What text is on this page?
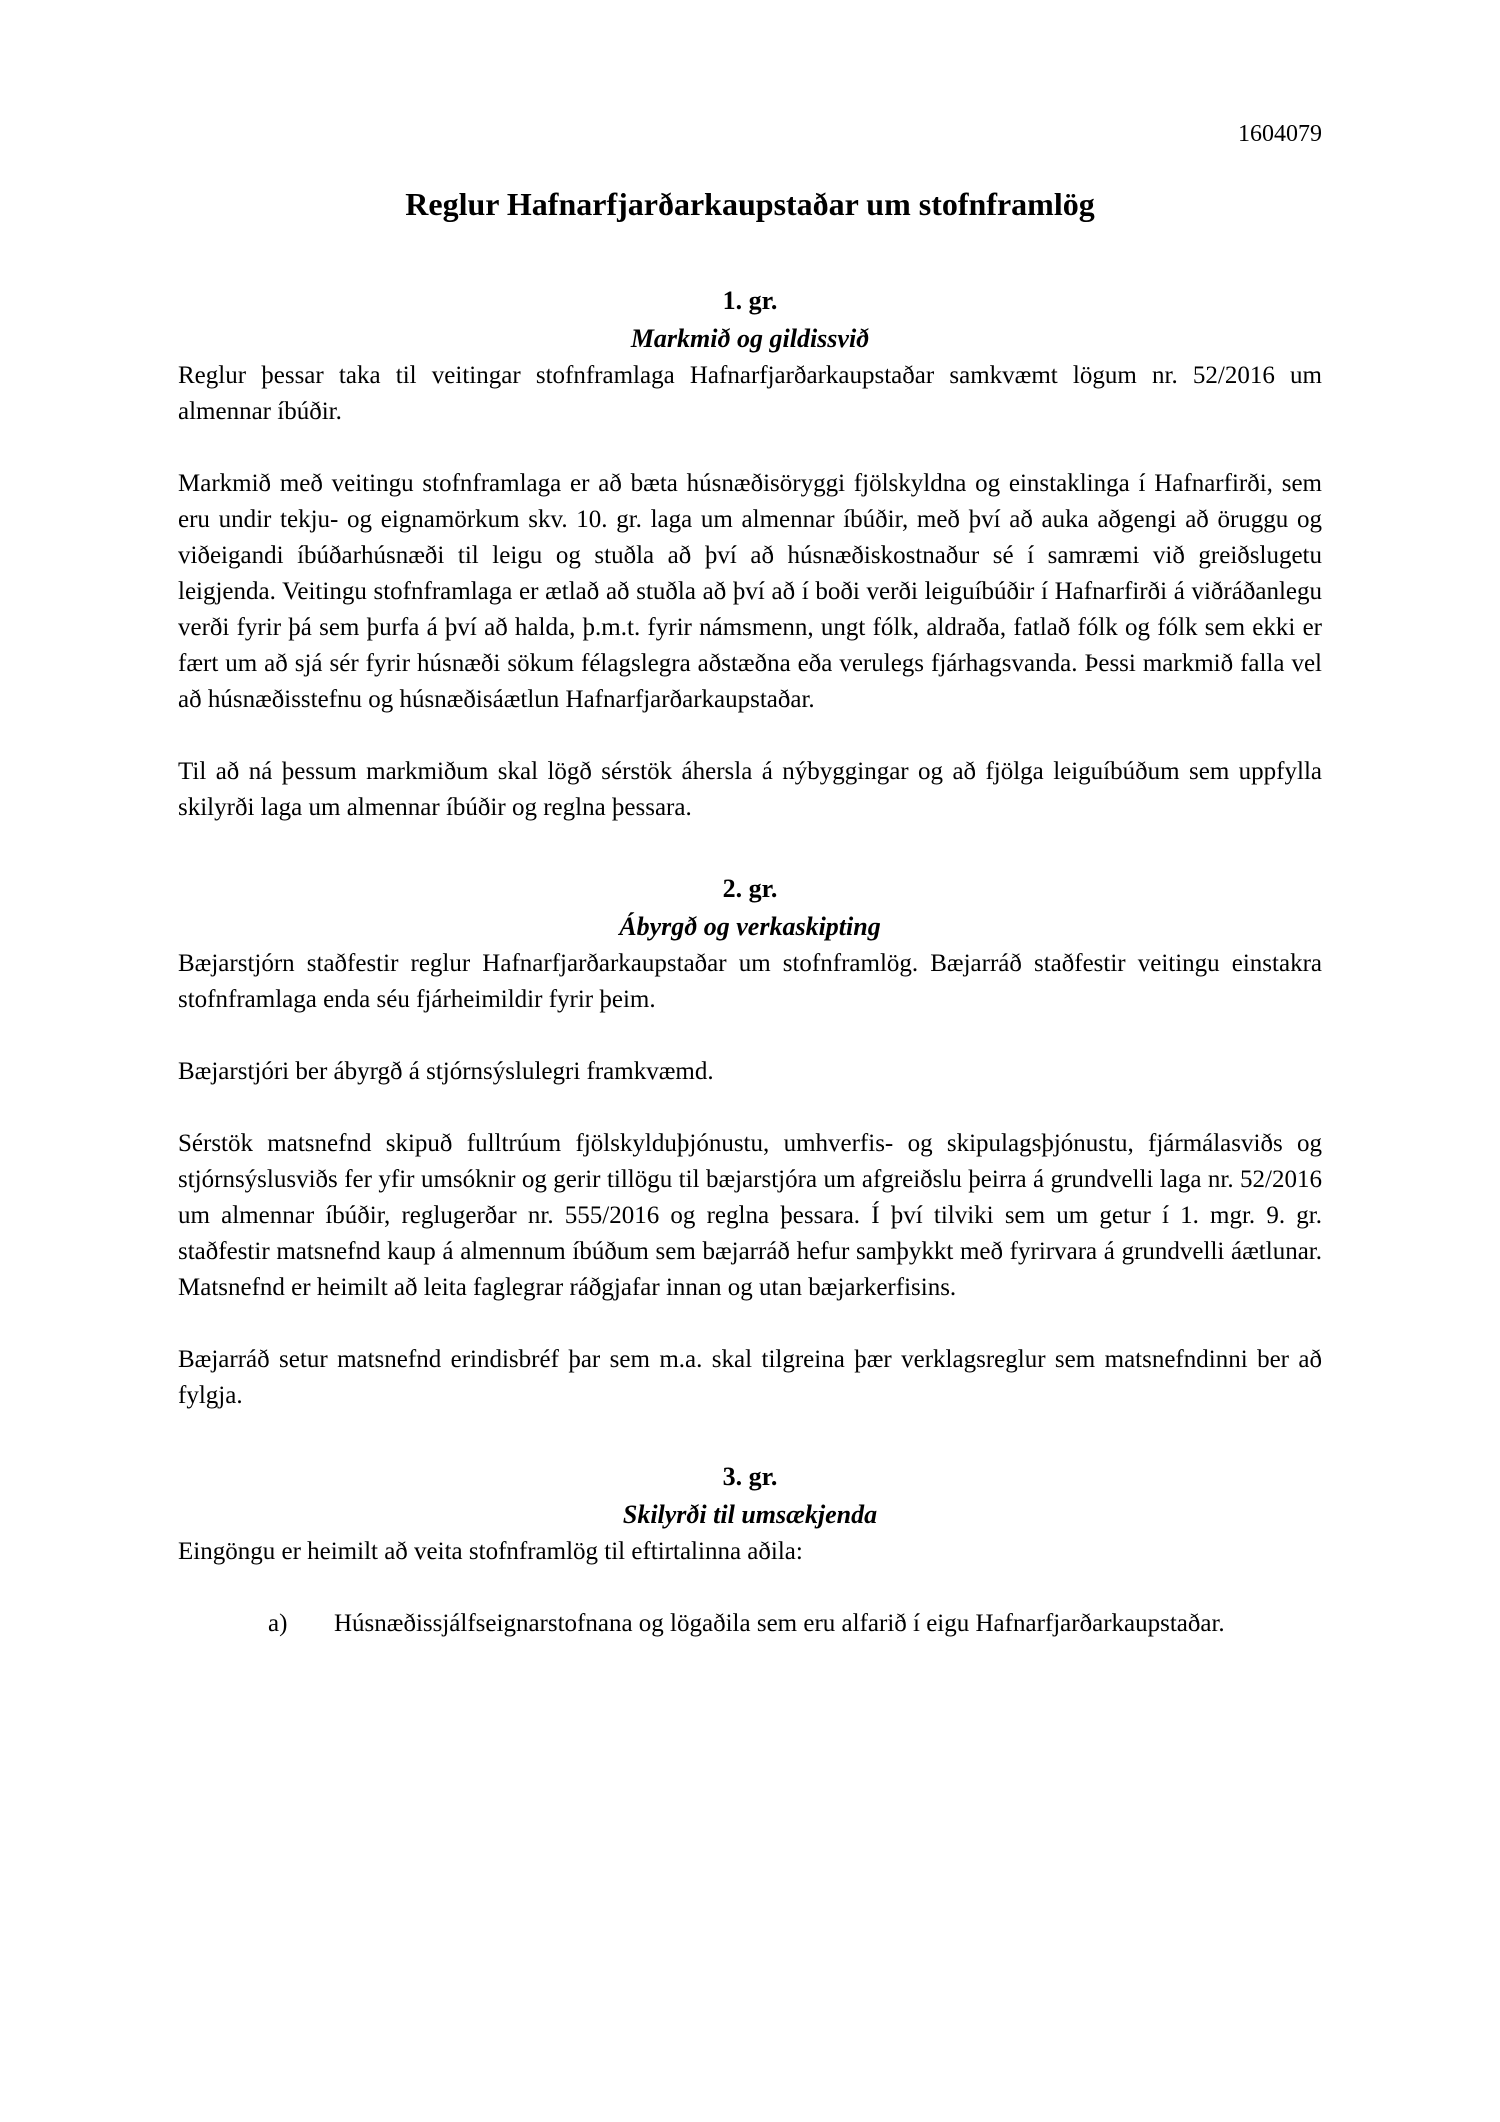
1604079
Reglur Hafnarfjarðarkaupstaðar um stofnframlög
1. gr.
Markmið og gildissvið

Reglur þessar taka til veitingar stofnframlaga Hafnarfjarðarkaupstaðar samkvæmt lögum nr. 52/2016 um almennar íbúðir.

Markmið með veitingu stofnframlaga er að bæta húsnæðisöryggi fjölskyldna og einstaklinga í Hafnarfirði, sem eru undir tekju- og eignamörkum skv. 10. gr. laga um almennar íbúðir, með því að auka aðgengi að öruggu og viðeigandi íbúðarhúsnæði til leigu og stuðla að því að húsnæðiskostnaður sé í samræmi við greiðslugetu leigjenda. Veitingu stofnframlaga er ætlað að stuðla að því að í boði verði leiguíbúðir í Hafnarfirði á viðráðanlegu verði fyrir þá sem þurfa á því að halda, þ.m.t. fyrir námsmenn, ungt fólk, aldraða, fatlað fólk og fólk sem ekki er fært um að sjá sér fyrir húsnæði sökum félagslegra aðstæðna eða verulegs fjárhagsvanda. Þessi markmið falla vel að húsnæðisstefnu og húsnæðisáætlun Hafnarfjarðarkaupstaðar.

Til að ná þessum markmiðum skal lögð sérstök áhersla á nýbyggingar og að fjölga leiguíbúðum sem uppfylla skilyrði laga um almennar íbúðir og reglna þessara.

2. gr.
Ábyrgð og verkaskipting

Bæjarstjórn staðfestir reglur Hafnarfjarðarkaupstaðar um stofnframlög. Bæjarráð staðfestir veitingu einstakra stofnframlaga enda séu fjárheimildir fyrir þeim.

Bæjarstjóri ber ábyrgð á stjórnsýslulegri framkvæmd.

Sérstök matsnefnd skipuð fulltrúum fjölskylduþjónustu, umhverfis- og skipulagsþjónustu, fjármálasviðs og stjórnsýslusviðs fer yfir umsóknir og gerir tillögu til bæjarstjóra um afgreiðslu þeirra á grundvelli laga nr. 52/2016 um almennar íbúðir, reglugerðar nr. 555/2016 og reglna þessara. Í því tilviki sem um getur í 1. mgr. 9. gr. staðfestir matsnefnd kaup á almennum íbúðum sem bæjarráð hefur samþykkt með fyrirvara á grundvelli áætlunar. Matsnefnd er heimilt að leita faglegrar ráðgjafar innan og utan bæjarkerfisins.

Bæjarráð setur matsnefnd erindisbréf þar sem m.a. skal tilgreina þær verklagsreglur sem matsnefndinni ber að fylgja.

3. gr.
Skilyrði til umsækjenda

Eingöngu er heimilt að veita stofnframlög til eftirtalinna aðila:

a)	Húsnæðissjálfseignarstofnana og lögaðila sem eru alfarið í eigu Hafnarfjarðarkaupstaðar.
